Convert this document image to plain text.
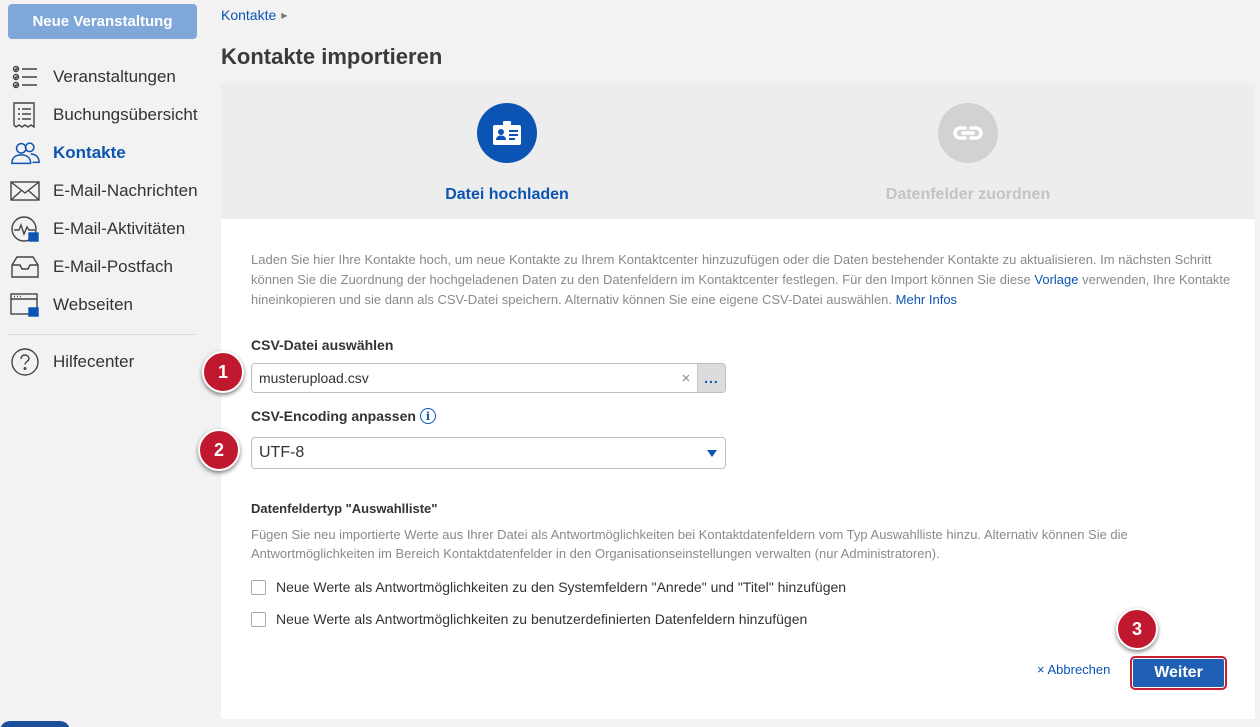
Neue Veranstaltung
Veranstaltungen
Buchungsübersicht
Kontakte
E-Mail-Nachrichten
E-Mail-Aktivitäten
E-Mail-Postfach
Webseiten
Hilfecenter
Kontakte ▶
Kontakte importieren
Datei hochladen	Datenfelder zuordnen
Laden Sie hier Ihre Kontakte hoch, um neue Kontakte zu Ihrem Kontaktcenter hinzuzufügen oder die Daten bestehender Kontakte zu aktualisieren. Im nächsten Schritt können Sie die Zuordnung der hochgeladenen Daten zu den Datenfeldern im Kontaktcenter festlegen. Für den Import können Sie diese Vorlage verwenden, Ihre Kontakte hineinkopieren und sie dann als CSV-Datei speichern. Alternativ können Sie eine eigene CSV-Datei auswählen. Mehr Infos
CSV-Datei auswählen
musterupload.csv	× ...
CSV-Encoding anpassen i
UTF-8
Datenfeldertyp "Auswahlliste"
Fügen Sie neu importierte Werte aus Ihrer Datei als Antwortmöglichkeiten bei Kontaktdatenfeldern vom Typ Auswahlliste hinzu. Alternativ können Sie die Antwortmöglichkeiten im Bereich Kontaktdatenfelder in den Organisationseinstellungen verwalten (nur Administratoren).
Neue Werte als Antwortmöglichkeiten zu den Systemfeldern "Anrede" und "Titel" hinzufügen
Neue Werte als Antwortmöglichkeiten zu benutzerdefinierten Datenfeldern hinzufügen
× Abbrechen	Weiter
1
2
3
